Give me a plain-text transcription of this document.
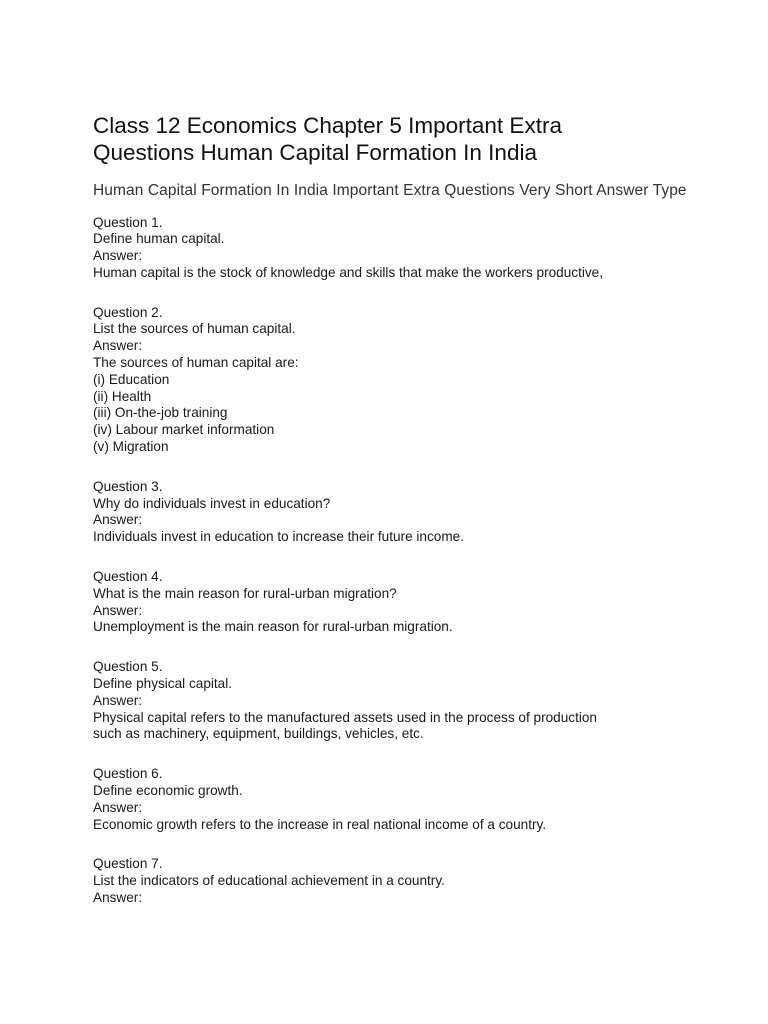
Class 12 Economics Chapter 5 Important Extra
Questions Human Capital Formation In India
Human Capital Formation In India Important Extra Questions Very Short Answer Type
Question 1.
Define human capital.
Answer:
Human capital is the stock of knowledge and skills that make the workers productive,
Question 2.
List the sources of human capital.
Answer:
The sources of human capital are:
(i) Education
(ii) Health
(iii) On-the-job training
(iv) Labour market information
(v) Migration
Question 3.
Why do individuals invest in education?
Answer:
Individuals invest in education to increase their future income.
Question 4.
What is the main reason for rural-urban migration?
Answer:
Unemployment is the main reason for rural-urban migration.
Question 5.
Define physical capital.
Answer:
Physical capital refers to the manufactured assets used in the process of production
such as machinery, equipment, buildings, vehicles, etc.
Question 6.
Define economic growth.
Answer:
Economic growth refers to the increase in real national income of a country.
Question 7.
List the indicators of educational achievement in a country.
Answer:
